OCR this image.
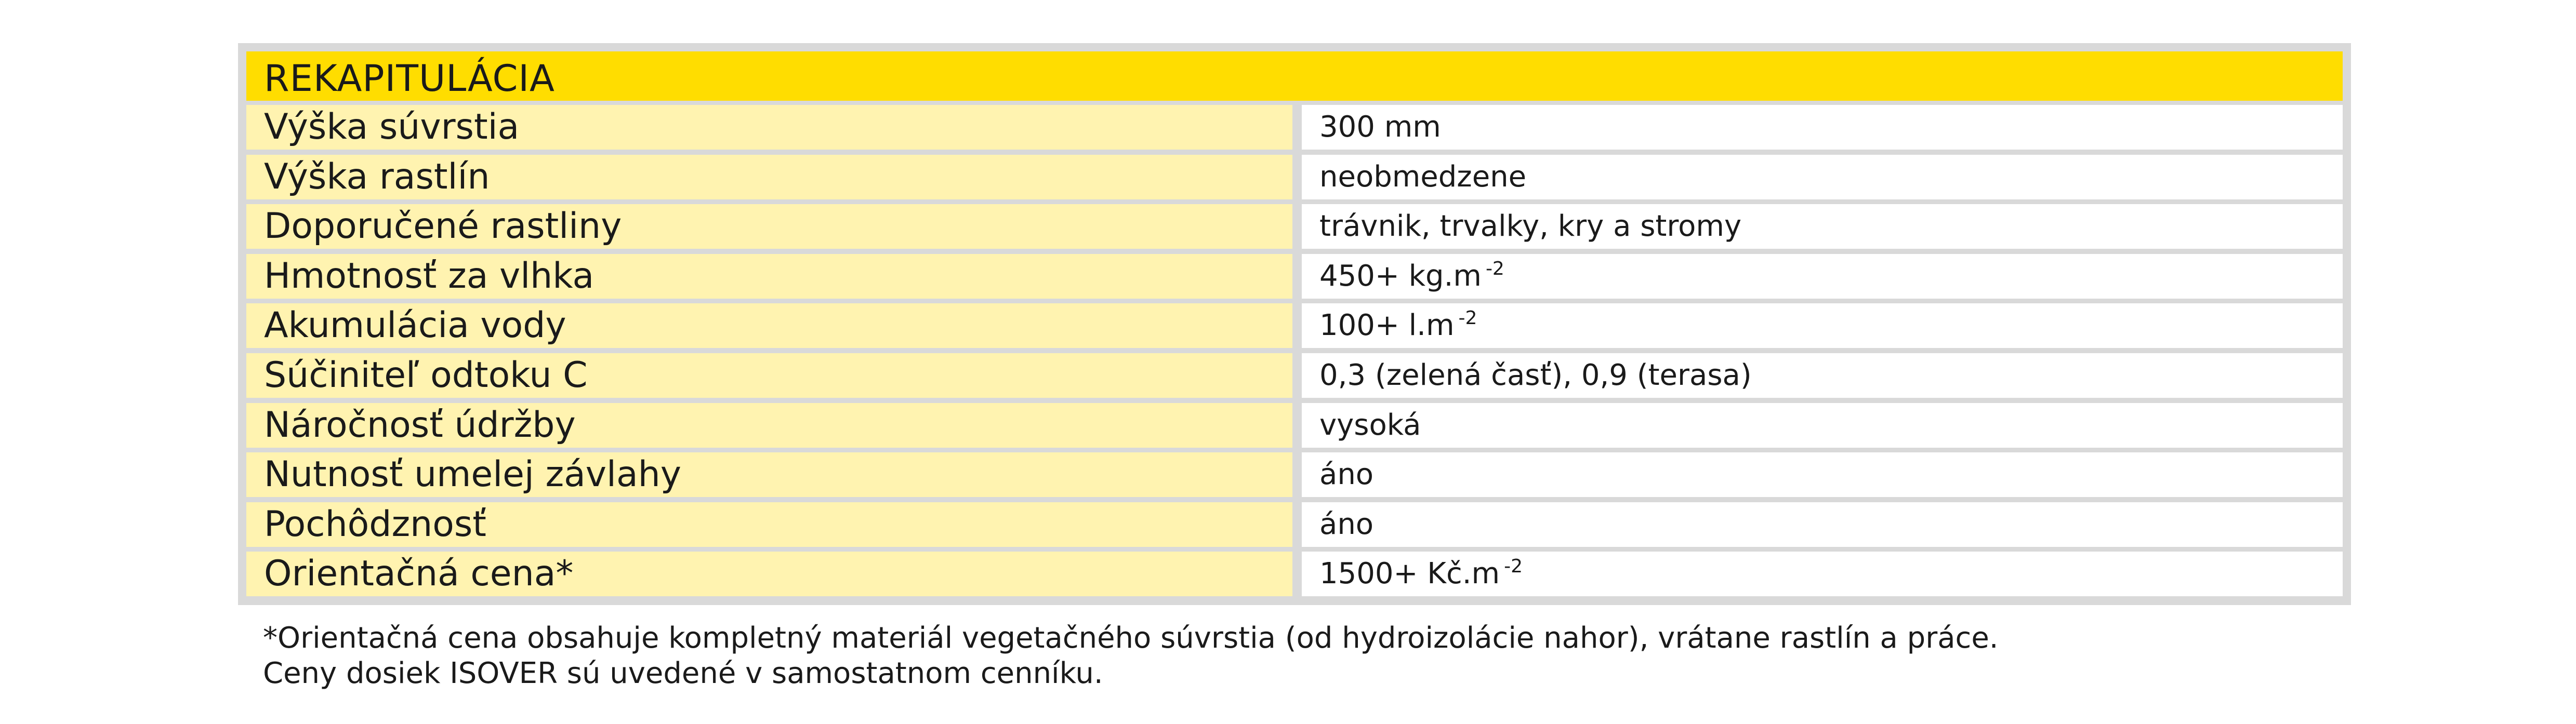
REKAPITULÁCIA
Výška súvrstia	300 mm
Výška rastlín	neobmedzene
Doporučené rastliny	trávnik, trvalky, kry a stromy
Hmotnosť za vlhka	$450+ kg.m^{-2}$
Akumulácia vody	$100+ l.m^{-2}$
Súčiniteľ odtoku C	0,3 (zelená časť), 0,9 (terasa)
Náročnosť údržby	vysoká
Nutnosť umelej závlahy	áno
Pochôdznosť	áno
Orientačná cena*	$1500+ Kč.m^{-2}$
*Orientačná cena obsahuje kompletný materiál vegetačného súvrstia (od hydroizolácie nahor), vrátane rastlín a práce.
Ceny dosiek ISOVER sú uvedené v samostatnom cenníku.
